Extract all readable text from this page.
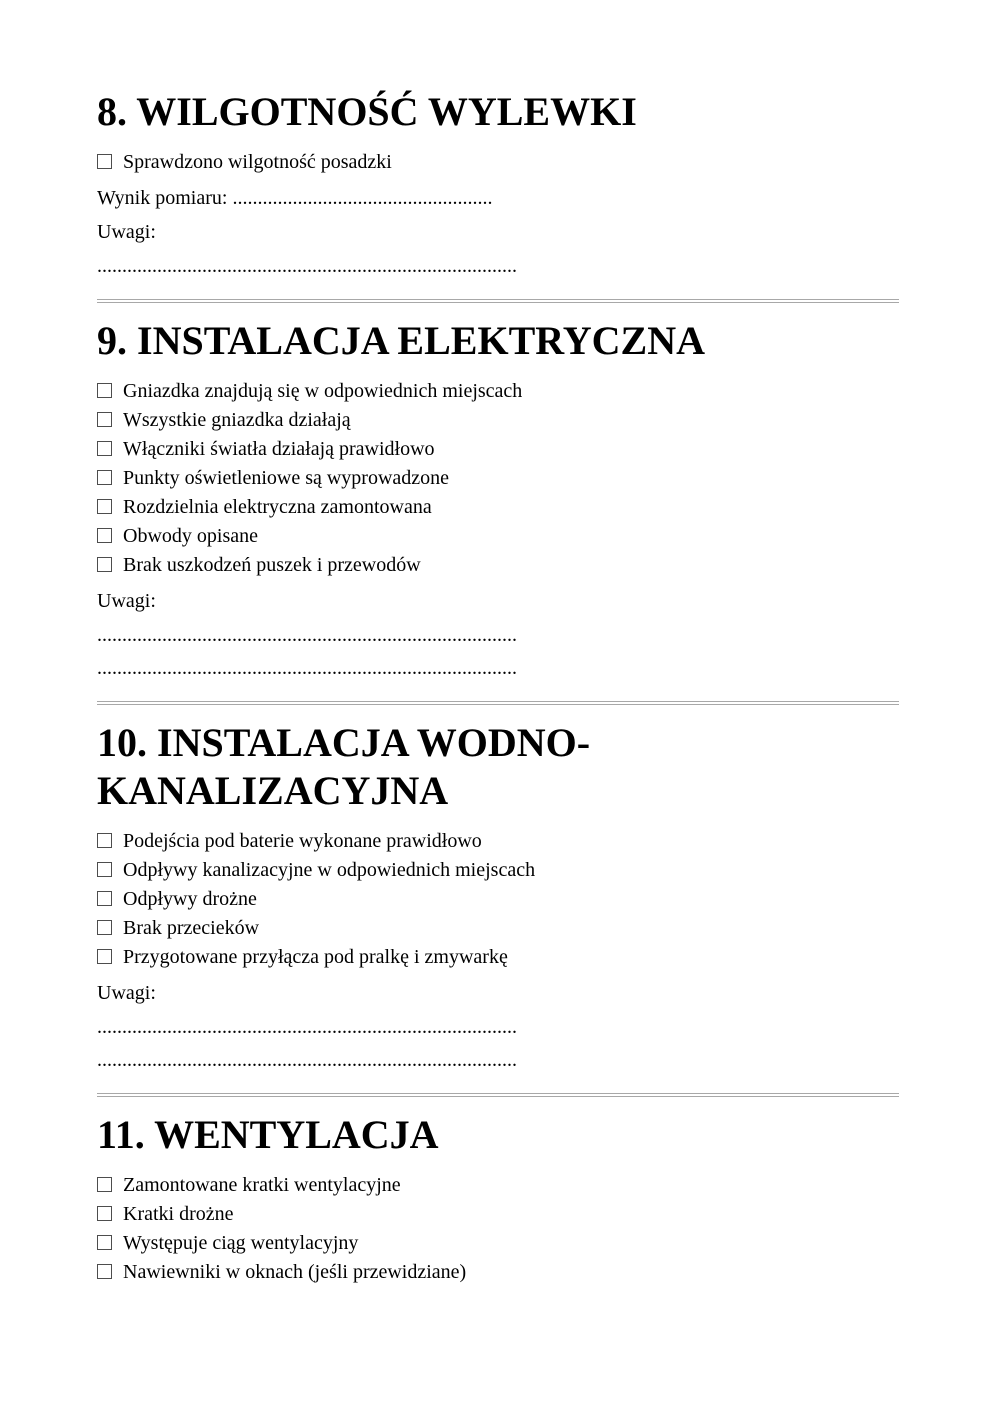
8. WILGOTNOŚĆ WYLEWKI
Sprawdzono wilgotność posadzki

Wynik pomiaru: ....................................................

Uwagi:

....................................................................................

9. INSTALACJA ELEKTRYCZNA
Gniazdka znajdują się w odpowiednich miejscach
Wszystkie gniazdka działają
Włączniki światła działają prawidłowo
Punkty oświetleniowe są wyprowadzone
Rozdzielnia elektryczna zamontowana
Obwody opisane
Brak uszkodzeń puszek i przewodów

Uwagi:

....................................................................................

....................................................................................

10. INSTALACJA WODNO-KANALIZACYJNA
Podejścia pod baterie wykonane prawidłowo
Odpływy kanalizacyjne w odpowiednich miejscach
Odpływy drożne
Brak przecieków
Przygotowane przyłącza pod pralkę i zmywarkę

Uwagi:

....................................................................................

....................................................................................

11. WENTYLACJA
Zamontowane kratki wentylacyjne
Kratki drożne
Występuje ciąg wentylacyjny
Nawiewniki w oknach (jeśli przewidziane)
